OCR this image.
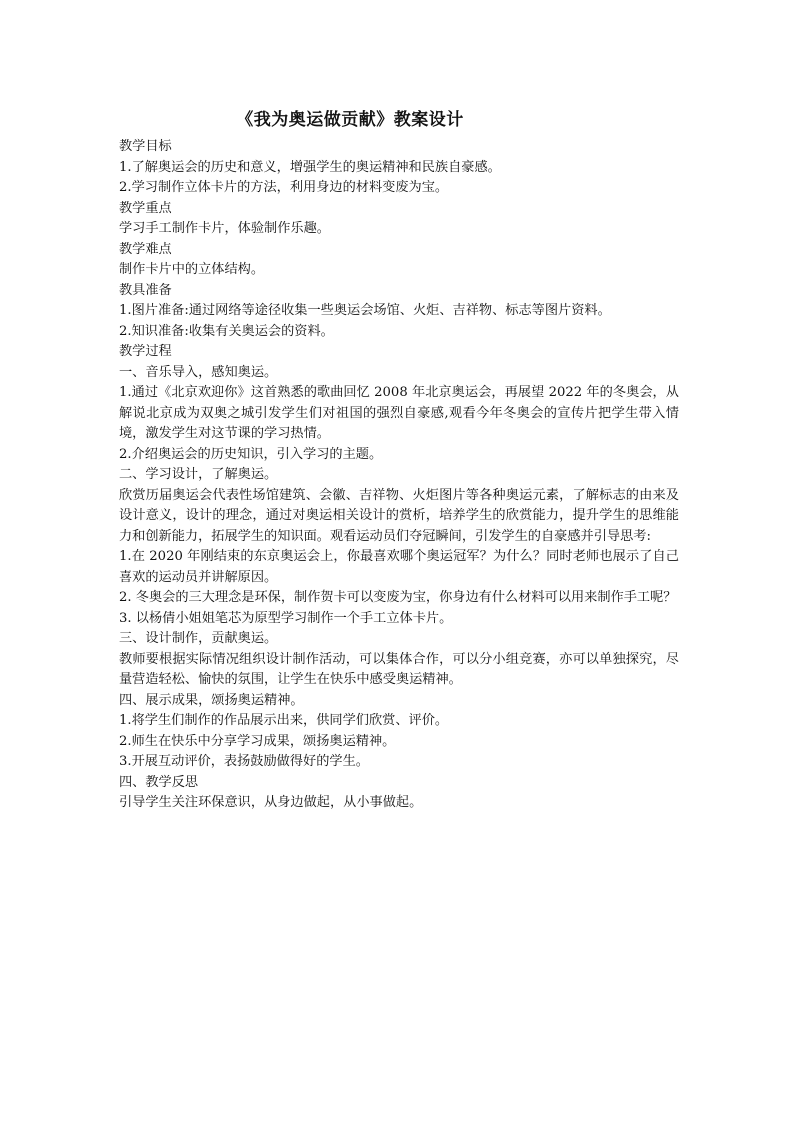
《我为奥运做贡献》教案设计
教学目标
1.了解奥运会的历史和意义，增强学生的奥运精神和民族自豪感。
2.学习制作立体卡片的方法，利用身边的材料变废为宝。
教学重点
学习手工制作卡片，体验制作乐趣。
教学难点
制作卡片中的立体结构。
教具准备
1.图片准备:通过网络等途径收集一些奥运会场馆、火炬、吉祥物、标志等图片资料。
2.知识准备:收集有关奥运会的资料。
教学过程
一、音乐导入，感知奥运。
1.通过《北京欢迎你》这首熟悉的歌曲回忆 2008 年北京奥运会，再展望 2022 年的冬奥会，从解说北京成为双奥之城引发学生们对祖国的强烈自豪感,观看今年冬奥会的宣传片把学生带入情境，激发学生对这节课的学习热情。
2.介绍奥运会的历史知识，引入学习的主题。
二、学习设计，了解奥运。
欣赏历届奥运会代表性场馆建筑、会徽、吉祥物、火炬图片等各种奥运元素，了解标志的由来及设计意义，设计的理念，通过对奥运相关设计的赏析，培养学生的欣赏能力，提升学生的思维能力和创新能力，拓展学生的知识面。观看运动员们夺冠瞬间，引发学生的自豪感并引导思考:
1.在 2020 年刚结束的东京奥运会上，你最喜欢哪个奥运冠军？为什么？同时老师也展示了自己喜欢的运动员并讲解原因。
2. 冬奥会的三大理念是环保，制作贺卡可以变废为宝，你身边有什么材料可以用来制作手工呢？
3. 以杨倩小姐姐笔芯为原型学习制作一个手工立体卡片。
三、设计制作，贡献奥运。
教师要根据实际情况组织设计制作活动，可以集体合作，可以分小组竞赛，亦可以单独探究，尽量营造轻松、愉快的氛围，让学生在快乐中感受奥运精神。
四、展示成果，颂扬奥运精神。
1.将学生们制作的作品展示出来，供同学们欣赏、评价。
2.师生在快乐中分享学习成果，颂扬奥运精神。
3.开展互动评价，表扬鼓励做得好的学生。
四、教学反思
引导学生关注环保意识，从身边做起，从小事做起。
